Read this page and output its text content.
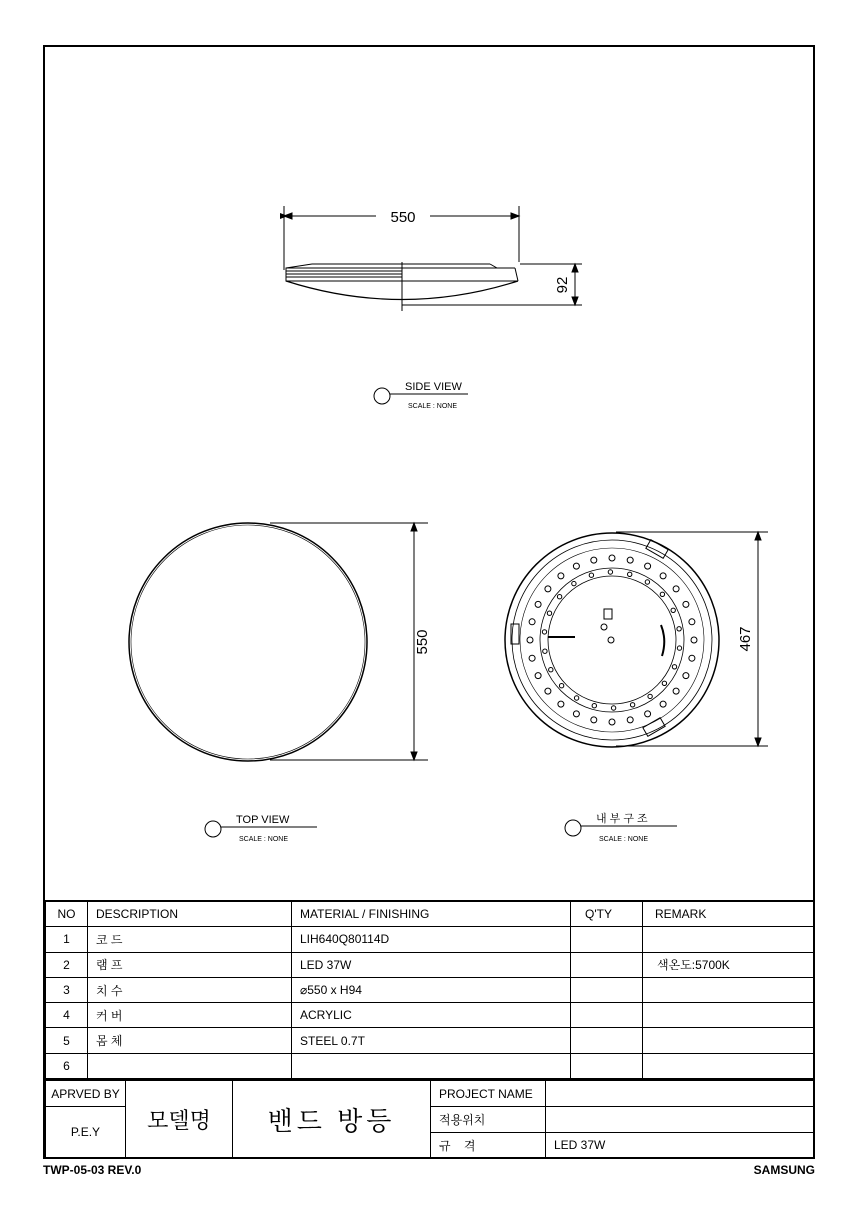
550
92
SIDE VIEW
SCALE : NONE
550
TOP VIEW
SCALE : NONE
467
내 부 구 조
SCALE : NONE
NO	DESCRIPTION	MATERIAL / FINISHING	Q'TY	REMARK
1	코 드	LIH640Q80114D		
2	램 프	LED 37W		색온도:5700K
3	치 수	⌀550 x H94		
4	커 버	ACRYLIC		
5	몸 체	STEEL 0.7T		
6				
APRVED BY	모델명	밴드 방등	PROJECT NAME	
P.E.Y			적용위치	
			규    격	LED 37W
TWP-05-03 REV.0	SAMSUNG
